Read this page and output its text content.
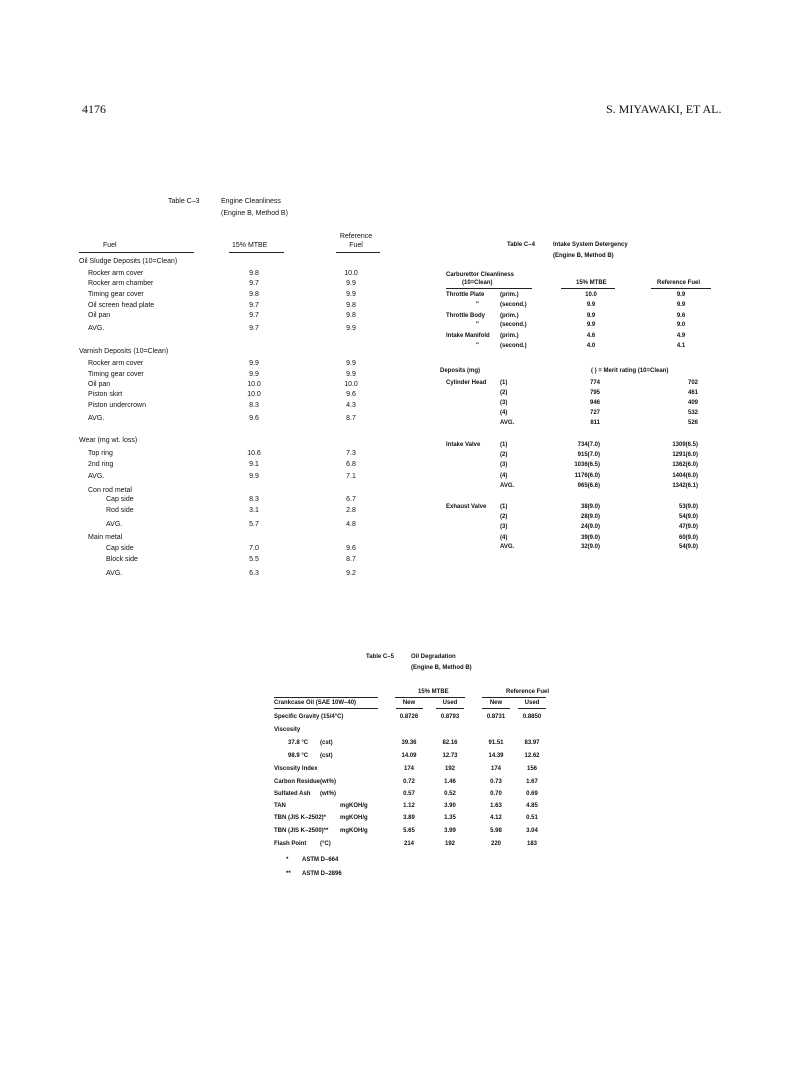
4176	S. MIYAWAKI, ET AL.
Table C–3	Engine Cleanliness
(Engine B, Method B)
Reference
Fuel	15% MTBE	Fuel
Oil Sludge Deposits (10=Clean)
Rocker arm cover	9.8	10.0
Rocker arm chamber	9.7	9.9
Timing gear cover	9.8	9.9
Oil screen head plate	9.7	9.8
Oil pan	9.7	9.8
AVG.	9.7	9.9
Varnish Deposits (10=Clean)
Rocker arm cover	9.9	9.9
Timing gear cover	9.9	9.9
Oil pan	10.0	10.0
Piston skirt	10.0	9.6
Piston undercrown	8.3	4.3
AVG.	9.6	8.7
Wear (mg wt. loss)
Top ring	10.6	7.3
2nd ring	9.1	6.8
AVG.	9.9	7.1
Con rod metal
Cap side	8.3	6.7
Rod side	3.1	2.8
AVG.	5.7	4.8
Main metal
Cap side	7.0	9.6
Block side	5.5	8.7
AVG.	6.3	9.2
Table C–4	Intake System Detergency
(Engine B, Method B)
Carburettor Cleanliness
(10=Clean)	15% MTBE	Reference Fuel
Throttle Plate	(prim.)	10.0	9.9
″	(second.)	9.9	9.9
Throttle Body	(prim.)	9.9	9.6
″	(second.)	9.9	9.0
Intake Manifold (prim.)	4.6	4.9
″	(second.)	4.0	4.1
Deposits (mg)	( ) = Merit rating (10=Clean)
Cylinder Head (1)	774	702
(2)	795	461
(3)	946	409
(4)	727	532
AVG.	811	526
Intake Valve	(1)	734(7.0)	1309(6.5)
(2)	915(7.0)	1291(6.0)
(3)	1036(6.5)	1362(6.0)
(4)	1176(6.0)	1404(6.0)
AVG.	965(6.6)	1342(6.1)
Exhaust Valve (1)	38(9.0)	53(9.0)
(2)	28(9.0)	54(9.0)
(3)	24(9.0)	47(9.0)
(4)	39(9.0)	60(9.0)
AVG.	32(9.0)	54(9.0)
Table C–5	Oil Degradation
(Engine B, Method B)
15% MTBE	Reference Fuel
Crankcase Oil (SAE 10W–40)	New	Used	New	Used
Specific Gravity (15/4°C)	0.8726	0.8793	0.8731	0.8850
Viscosity
37.8 °C (cst)	39.36	82.16	91.51	83.97
98.9 °C (cst)	14.09	12.73	14.39	12.62
Viscosity Index	174	192	174	156
Carbon Residue (wt%)	0.72	1.46	0.73	1.67
Sulfated Ash (wt%)	0.57	0.52	0.70	0.69
TAN	mgKOH/g	1.12	3.90	1.63	4.85
TBN (JIS K–2502)* mgKOH/g	3.89	1.35	4.12	0.51
TBN (JIS K–2500)** mgKOH/g	5.65	3.99	5.98	3.04
Flash Point (°C)	214	192	220	183
* ASTM D–664
** ASTM D–2896
